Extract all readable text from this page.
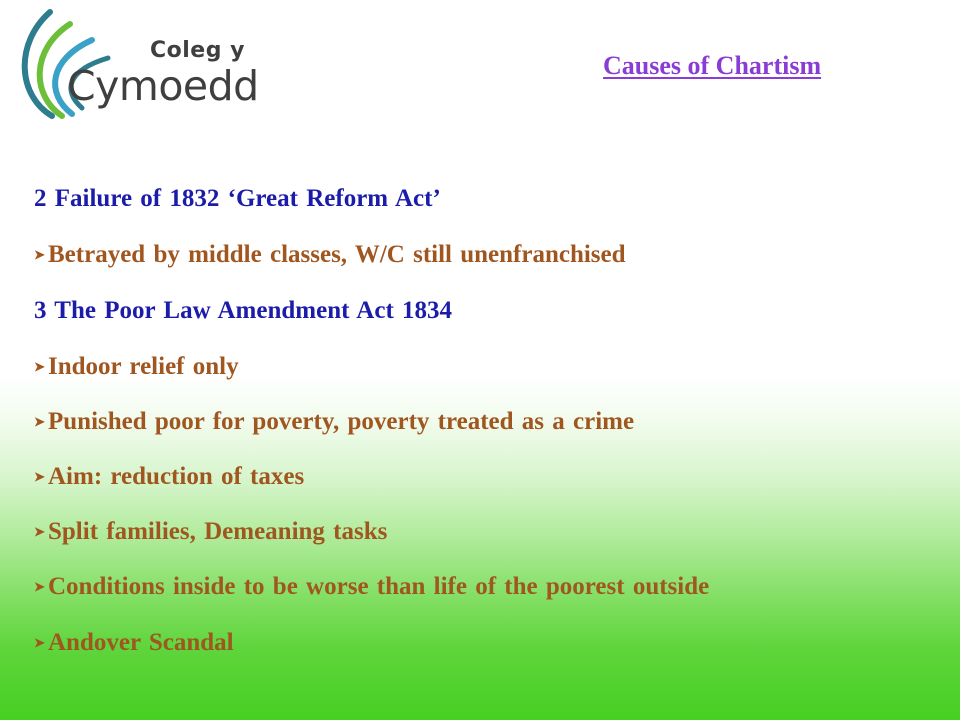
Coleg y
Cymoedd	Causes of Chartism
2 Failure of 1832 ‘Great Reform Act’
➤ Betrayed by middle classes, W/C still unenfranchised
3 The Poor Law Amendment Act 1834
➤ Indoor relief only
➤ Punished poor for poverty, poverty treated as a crime
➤ Aim: reduction of taxes
➤ Split families, Demeaning tasks
➤ Conditions inside to be worse than life of the poorest outside
➤ Andover Scandal
